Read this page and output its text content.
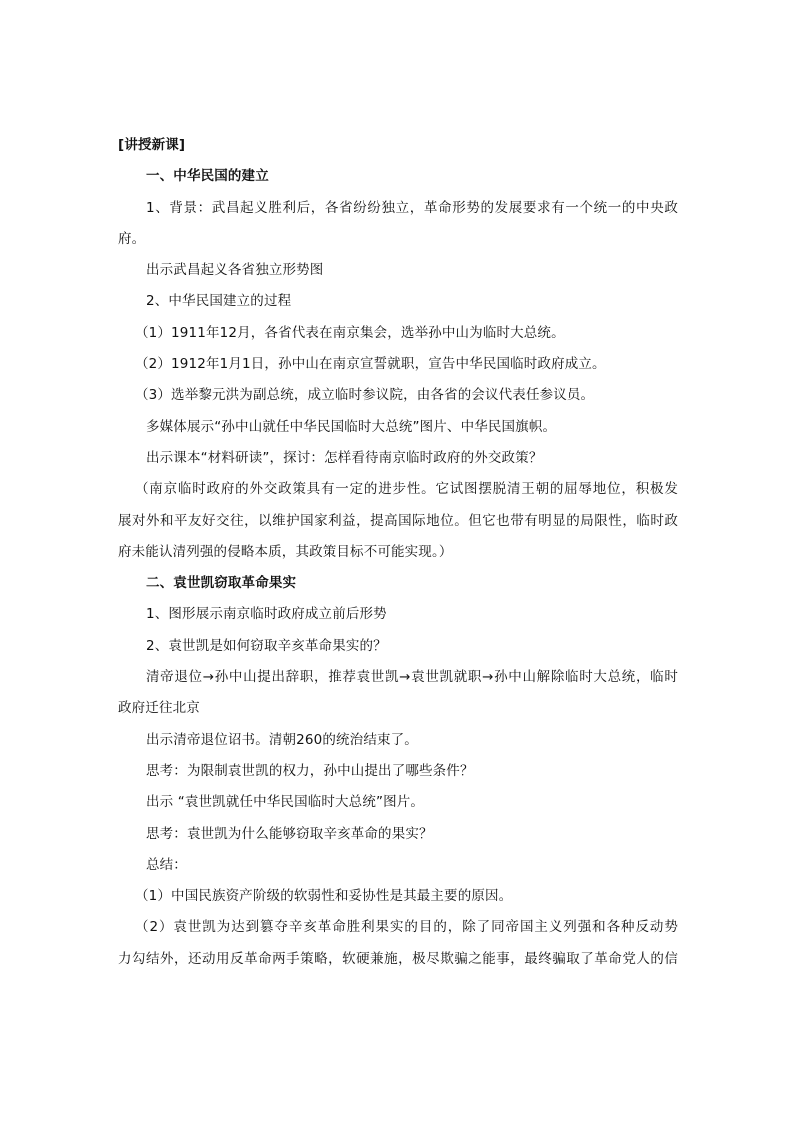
[讲授新课]
一、中华民国的建立
1、背景：武昌起义胜利后，各省纷纷独立，革命形势的发展要求有一个统一的中央政
府。
出示武昌起义各省独立形势图
2、中华民国建立的过程
（1）1911年12月，各省代表在南京集会，选举孙中山为临时大总统。
（2）1912年1月1日，孙中山在南京宣誓就职，宣告中华民国临时政府成立。
（3）选举黎元洪为副总统，成立临时参议院，由各省的会议代表任参议员。
多媒体展示“孙中山就任中华民国临时大总统”图片、中华民国旗帜。
出示课本“材料研读”，探讨：怎样看待南京临时政府的外交政策？
（南京临时政府的外交政策具有一定的进步性。它试图摆脱清王朝的屈辱地位，积极发
展对外和平友好交往，以维护国家利益，提高国际地位。但它也带有明显的局限性，临时政
府未能认清列强的侵略本质，其政策目标不可能实现。）
二、袁世凯窃取革命果实
1、图形展示南京临时政府成立前后形势
2、袁世凯是如何窃取辛亥革命果实的？
清帝退位→孙中山提出辞职，推荐袁世凯→袁世凯就职→孙中山解除临时大总统，临时
政府迁往北京
出示清帝退位诏书。清朝260的统治结束了。
思考：为限制袁世凯的权力，孙中山提出了哪些条件？
出示 “袁世凯就任中华民国临时大总统”图片。
思考：袁世凯为什么能够窃取辛亥革命的果实？
总结：
（1）中国民族资产阶级的软弱性和妥协性是其最主要的原因。
（2）袁世凯为达到篡夺辛亥革命胜利果实的目的，除了同帝国主义列强和各种反动势
力勾结外，还动用反革命两手策略，软硬兼施，极尽欺骗之能事，最终骗取了革命党人的信
